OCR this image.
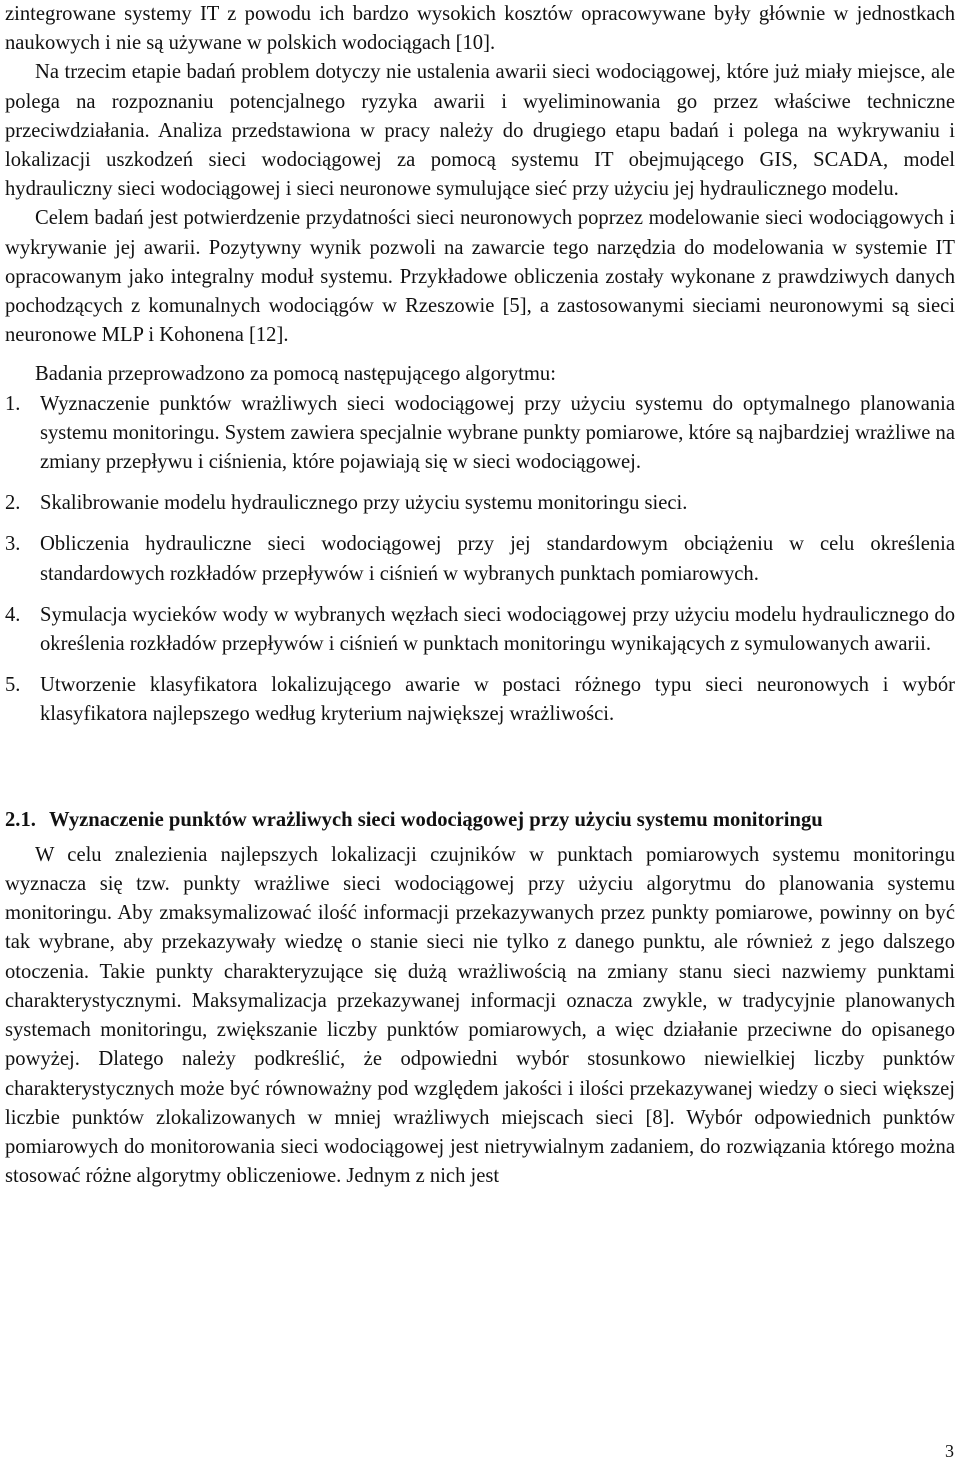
zintegrowane systemy IT z powodu ich bardzo wysokich kosztów opracowywane były głównie w jednostkach naukowych i nie są używane w polskich wodociągach [10].

Na trzecim etapie badań problem dotyczy nie ustalenia awarii sieci wodociągowej, które już miały miejsce, ale polega na rozpoznaniu potencjalnego ryzyka awarii i wyeliminowania go przez właściwe techniczne przeciwdziałania. Analiza przedstawiona w pracy należy do drugiego etapu badań i polega na wykrywaniu i lokalizacji uszkodzeń sieci wodociągowej za pomocą systemu IT obejmującego GIS, SCADA, model hydrauliczny sieci wodociągowej i sieci neuronowe symulujące sieć przy użyciu jej hydraulicznego modelu.

Celem badań jest potwierdzenie przydatności sieci neuronowych poprzez modelowanie sieci wodociągowych i wykrywanie jej awarii. Pozytywny wynik pozwoli na zawarcie tego narzędzia do modelowania w systemie IT opracowanym jako integralny moduł systemu. Przykładowe obliczenia zostały wykonane z prawdziwych danych pochodzących z komunalnych wodociągów w Rzeszowie [5], a zastosowanymi sieciami neuronowymi są sieci neuronowe MLP i Kohonena [12].

Badania przeprowadzono za pomocą następującego algorytmu:

1. Wyznaczenie punktów wrażliwych sieci wodociągowej przy użyciu systemu do optymalnego planowania systemu monitoringu. System zawiera specjalnie wybrane punkty pomiarowe, które są najbardziej wrażliwe na zmiany przepływu i ciśnienia, które pojawiają się w sieci wodociągowej.
2. Skalibrowanie modelu hydraulicznego przy użyciu systemu monitoringu sieci.
3. Obliczenia hydrauliczne sieci wodociągowej przy jej standardowym obciążeniu w celu określenia standardowych rozkładów przepływów i ciśnień w wybranych punktach pomiarowych.
4. Symulacja wycieków wody w wybranych węzłach sieci wodociągowej przy użyciu modelu hydraulicznego do określenia rozkładów przepływów i ciśnień w punktach monitoringu wynikających z symulowanych awarii.
5. Utworzenie klasyfikatora lokalizującego awarie w postaci różnego typu sieci neuronowych i wybór klasyfikatora najlepszego według kryterium największej wrażliwości.
2.1. Wyznaczenie punktów wrażliwych sieci wodociągowej przy użyciu systemu monitoringu

W celu znalezienia najlepszych lokalizacji czujników w punktach pomiarowych systemu monitoringu wyznacza się tzw. punkty wrażliwe sieci wodociągowej przy użyciu algorytmu do planowania systemu monitoringu. Aby zmaksymalizować ilość informacji przekazywanych przez punkty pomiarowe, powinny on być tak wybrane, aby przekazywały wiedzę o stanie sieci nie tylko z danego punktu, ale również z jego dalszego otoczenia. Takie punkty charakteryzujące się dużą wrażliwością na zmiany stanu sieci nazwiemy punktami charakterystycznymi. Maksymalizacja przekazywanej informacji oznacza zwykle, w tradycyjnie planowanych systemach monitoringu, zwiększanie liczby punktów pomiarowych, a więc działanie przeciwne do opisanego powyżej. Dlatego należy podkreślić, że odpowiedni wybór stosunkowo niewielkiej liczby punktów charakterystycznych może być równoważny pod względem jakości i ilości przekazywanej wiedzy o sieci większej liczbie punktów zlokalizowanych w mniej wrażliwych miejscach sieci [8]. Wybór odpowiednich punktów pomiarowych do monitorowania sieci wodociągowej jest nietrywialnym zadaniem, do rozwiązania którego można stosować różne algorytmy obliczeniowe. Jednym z nich jest

3
